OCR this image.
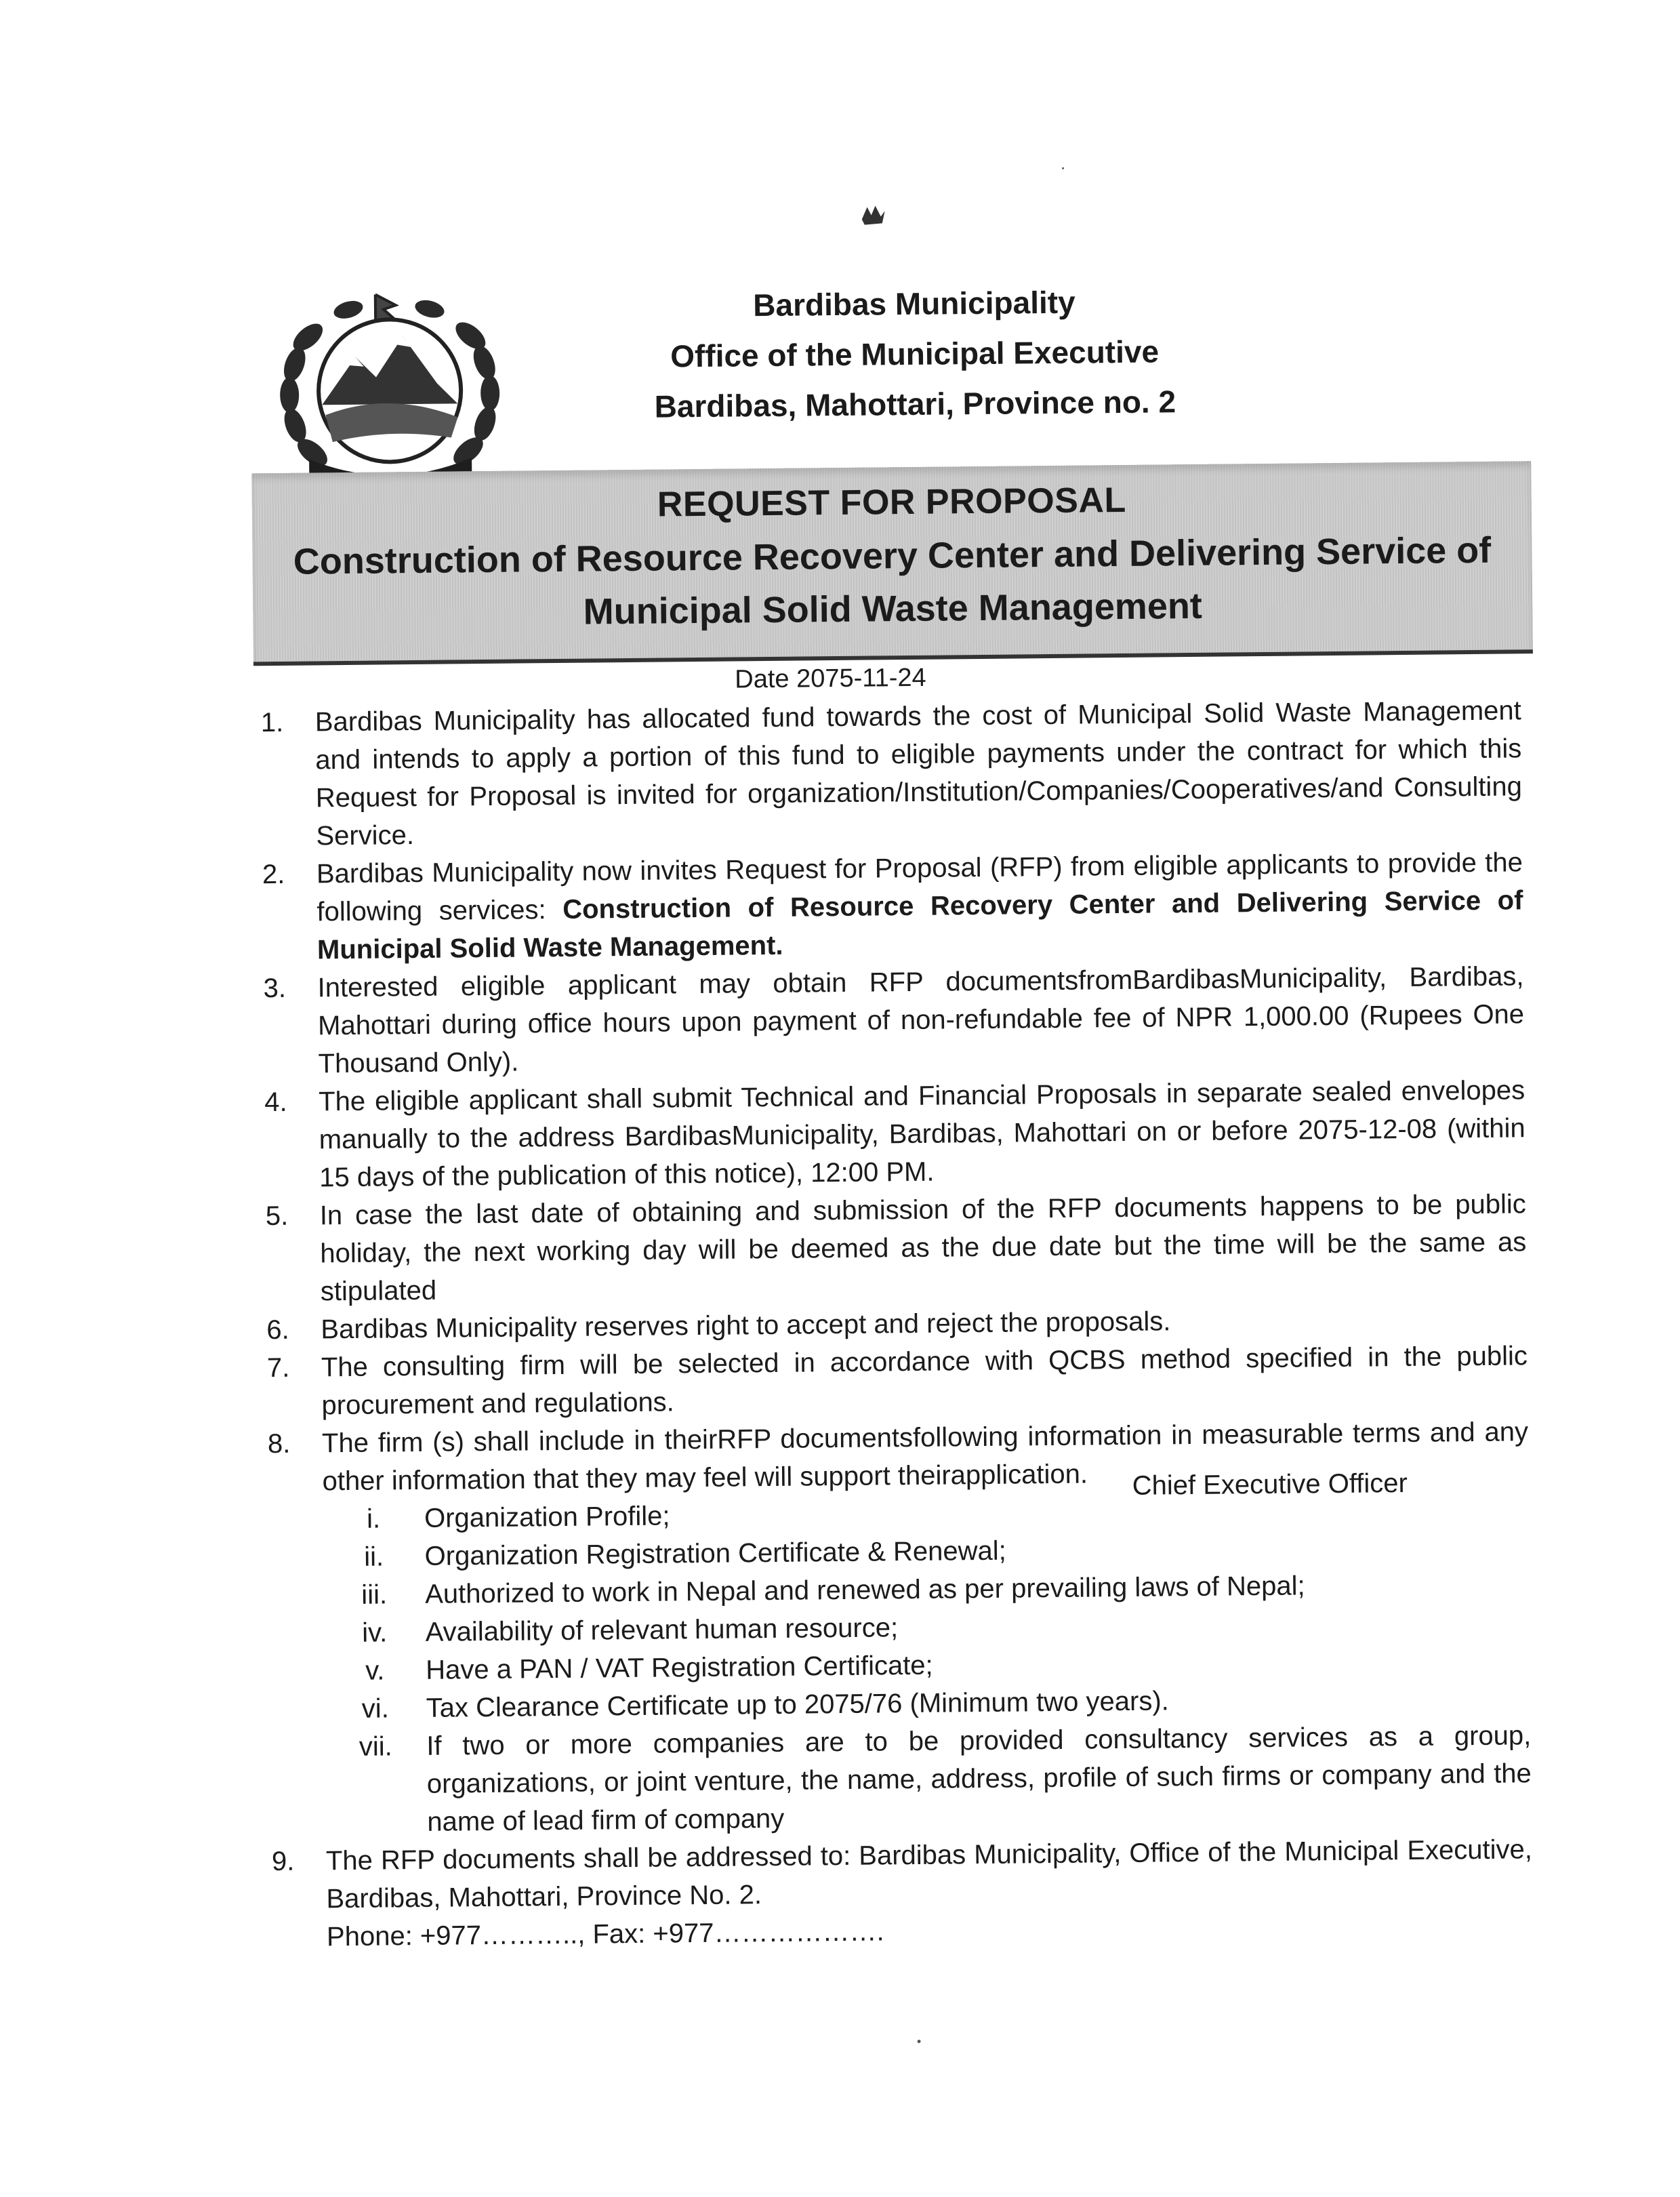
Bardibas Municipality
Office of the Municipal Executive
Bardibas, Mahottari, Province no. 2
REQUEST FOR PROPOSAL
Construction of Resource Recovery Center and Delivering Service of
Municipal Solid Waste Management
Date 2075-11-24
1.	Bardibas Municipality has allocated fund towards the cost of Municipal Solid Waste Management and intends to apply a portion of this fund to eligible payments under the contract for which this Request for Proposal is invited for organization/Institution/Companies/Cooperatives/and Consulting Service.
2.	Bardibas Municipality now invites Request for Proposal (RFP) from eligible applicants to provide the following services: Construction of Resource Recovery Center and Delivering Service of Municipal Solid Waste Management.
3.	Interested eligible applicant may obtain RFP documentsfromBardibasMunicipality, Bardibas, Mahottari during office hours upon payment of non-refundable fee of NPR 1,000.00 (Rupees One Thousand Only).
4.	The eligible applicant shall submit Technical and Financial Proposals in separate sealed envelopes manually to the address BardibasMunicipality, Bardibas, Mahottari on or before 2075-12-08 (within 15 days of the publication of this notice), 12:00 PM.
5.	In case the last date of obtaining and submission of the RFP documents happens to be public holiday, the next working day will be deemed as the due date but the time will be the same as stipulated
6.	Bardibas Municipality reserves right to accept and reject the proposals.
7.	The consulting firm will be selected in accordance with QCBS method specified in the public procurement and regulations.
8.	The firm (s) shall include in theirRFP documentsfollowing information in measurable terms and any other information that they may feel will support theirapplication.
i.	Organization Profile;
ii.	Organization Registration Certificate & Renewal;
iii.	Authorized to work in Nepal and renewed as per prevailing laws of Nepal;
iv.	Availability of relevant human resource;
v.	Have a PAN / VAT Registration Certificate;
vi.	Tax Clearance Certificate up to 2075/76 (Minimum two years).
vii.	If two or more companies are to be provided consultancy services as a group, organizations, or joint venture, the name, address, profile of such firms or company and the name of lead firm of company
9.	The RFP documents shall be addressed to: Bardibas Municipality, Office of the Municipal Executive, Bardibas, Mahottari, Province No. 2.
Phone: +977……….., Fax: +977……………….
Chief Executive Officer
